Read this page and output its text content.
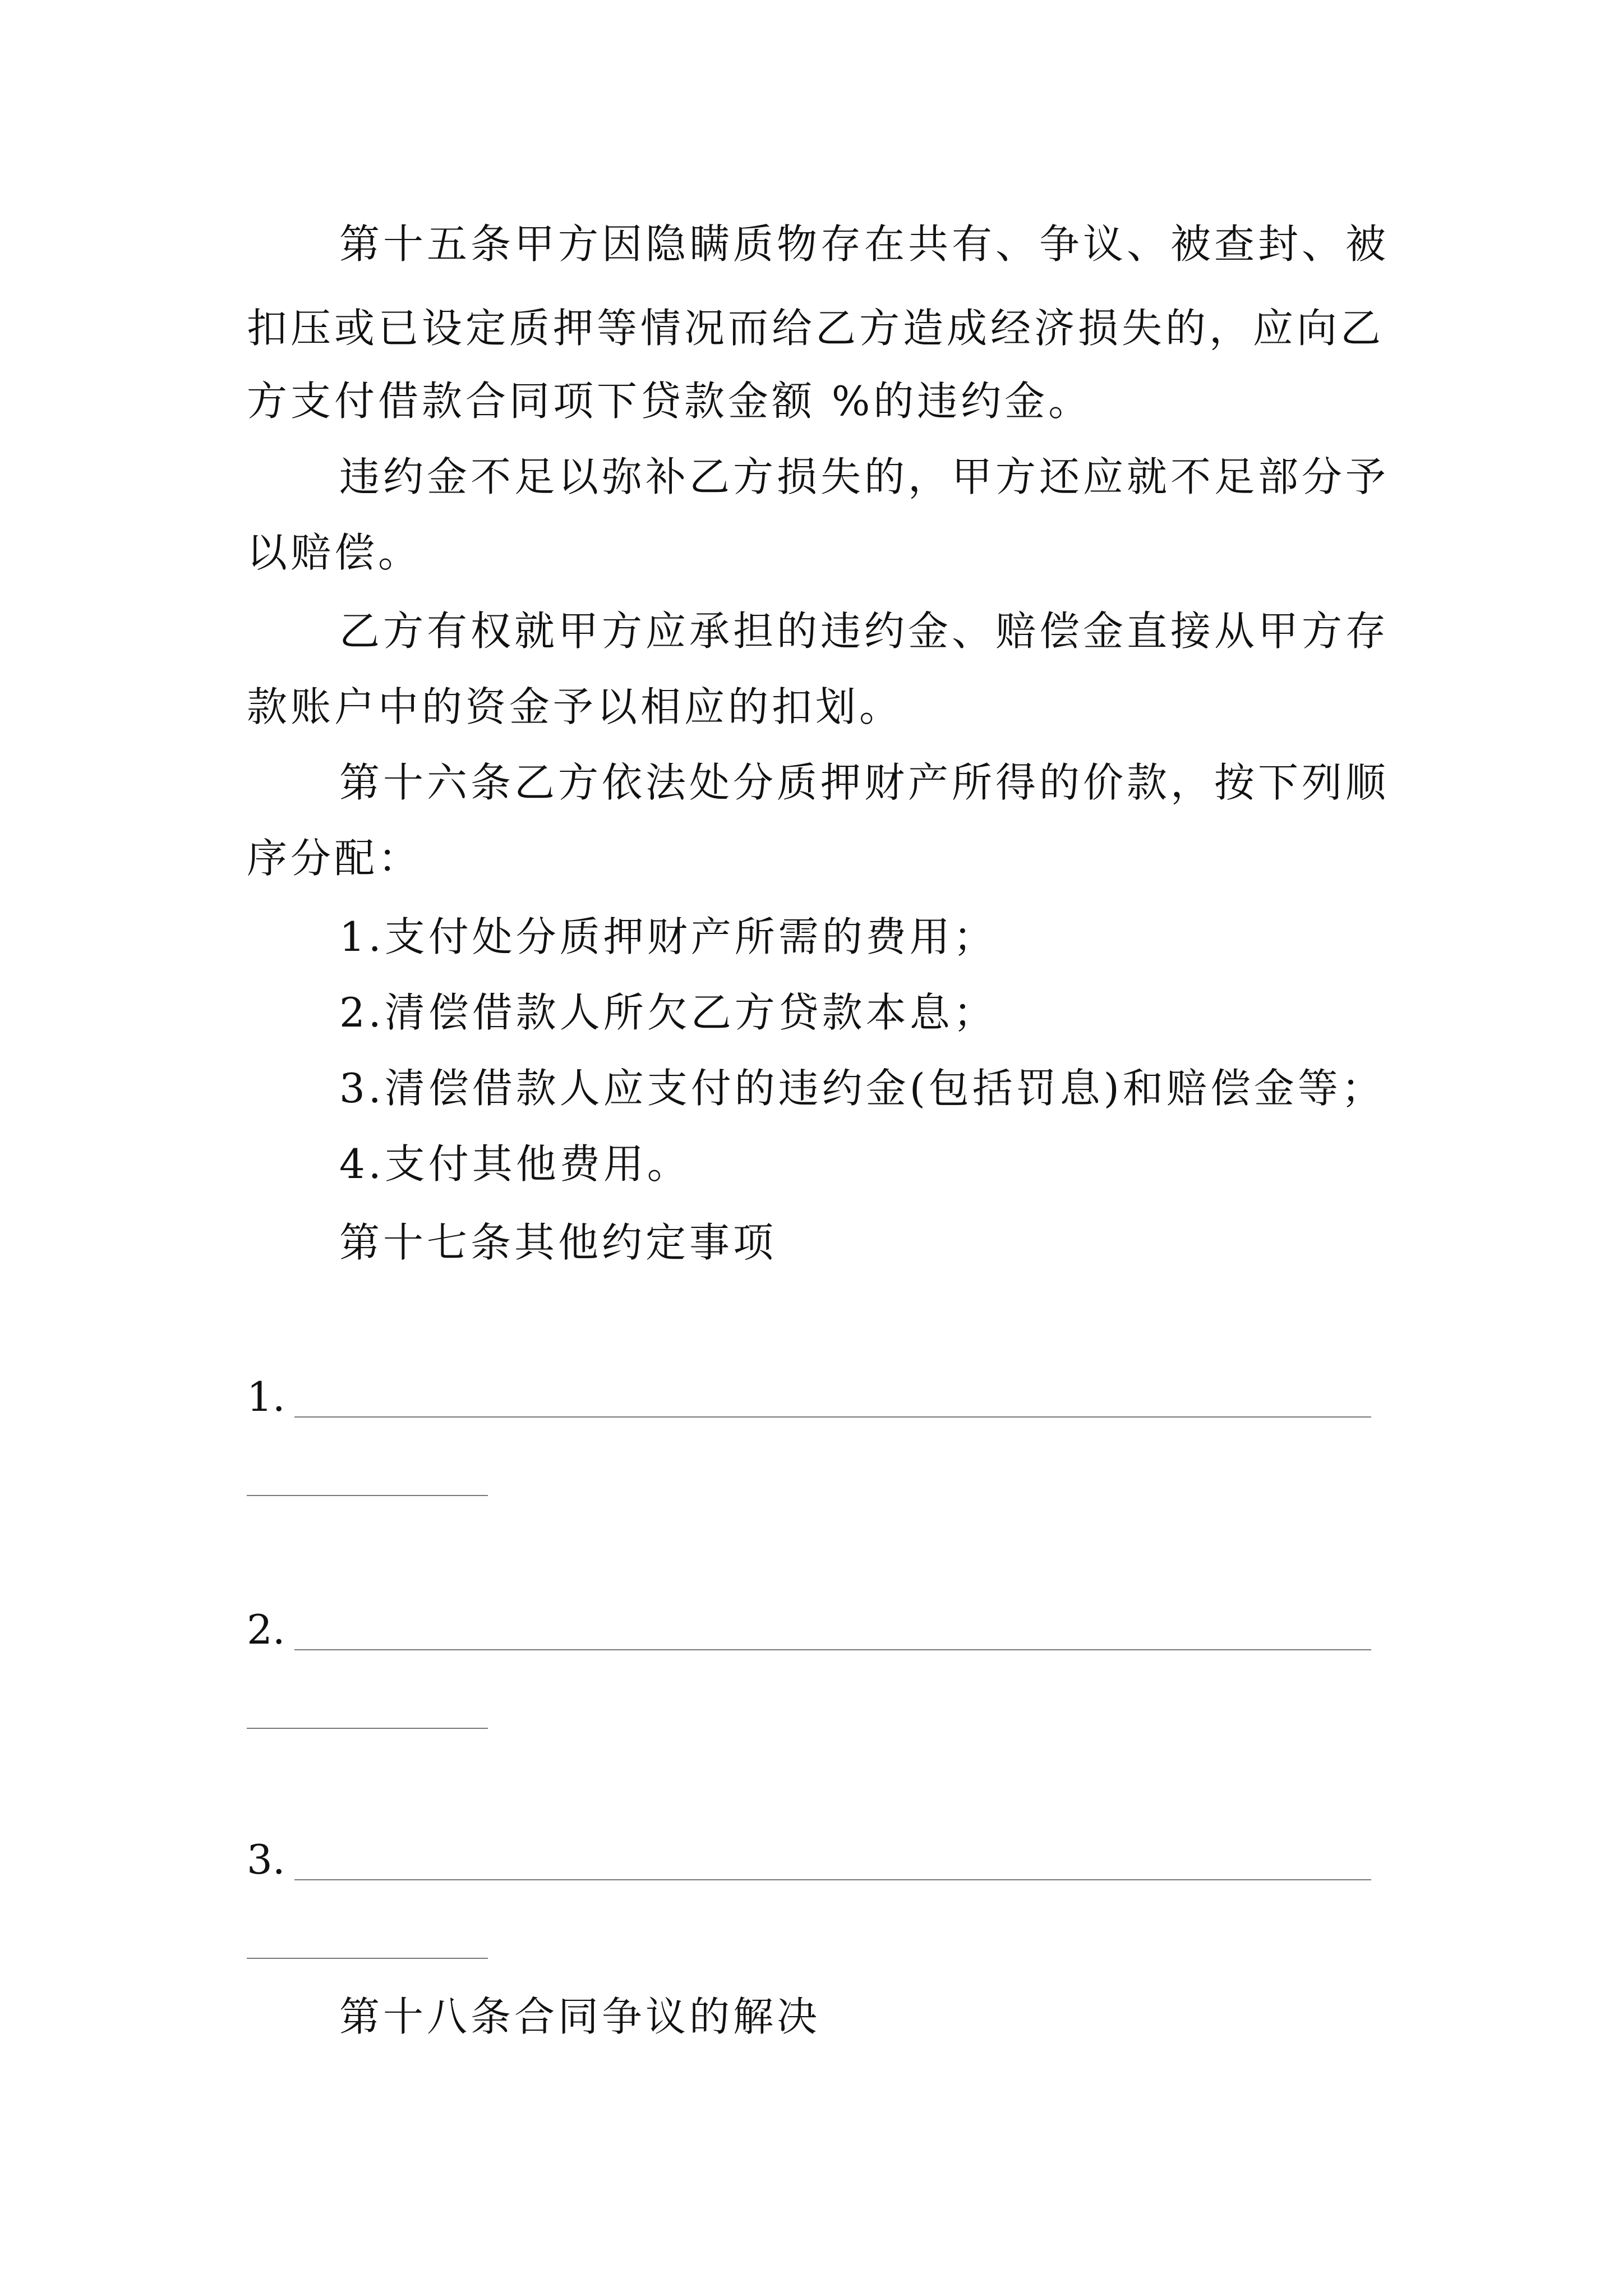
第十五条甲方因隐瞒质物存在共有、争议、被查封、被
扣压或已设定质押等情况而给乙方造成经济损失的，应向乙
方支付借款合同项下贷款金额 %的违约金。
违约金不足以弥补乙方损失的，甲方还应就不足部分予
以赔偿。
乙方有权就甲方应承担的违约金、赔偿金直接从甲方存
款账户中的资金予以相应的扣划。
第十六条乙方依法处分质押财产所得的价款，按下列顺
序分配：
1.支付处分质押财产所需的费用；
2.清偿借款人所欠乙方贷款本息；
3.清偿借款人应支付的违约金(包括罚息)和赔偿金等；
4.支付其他费用。
第十七条其他约定事项
1.
2.
3.
第十八条合同争议的解决
